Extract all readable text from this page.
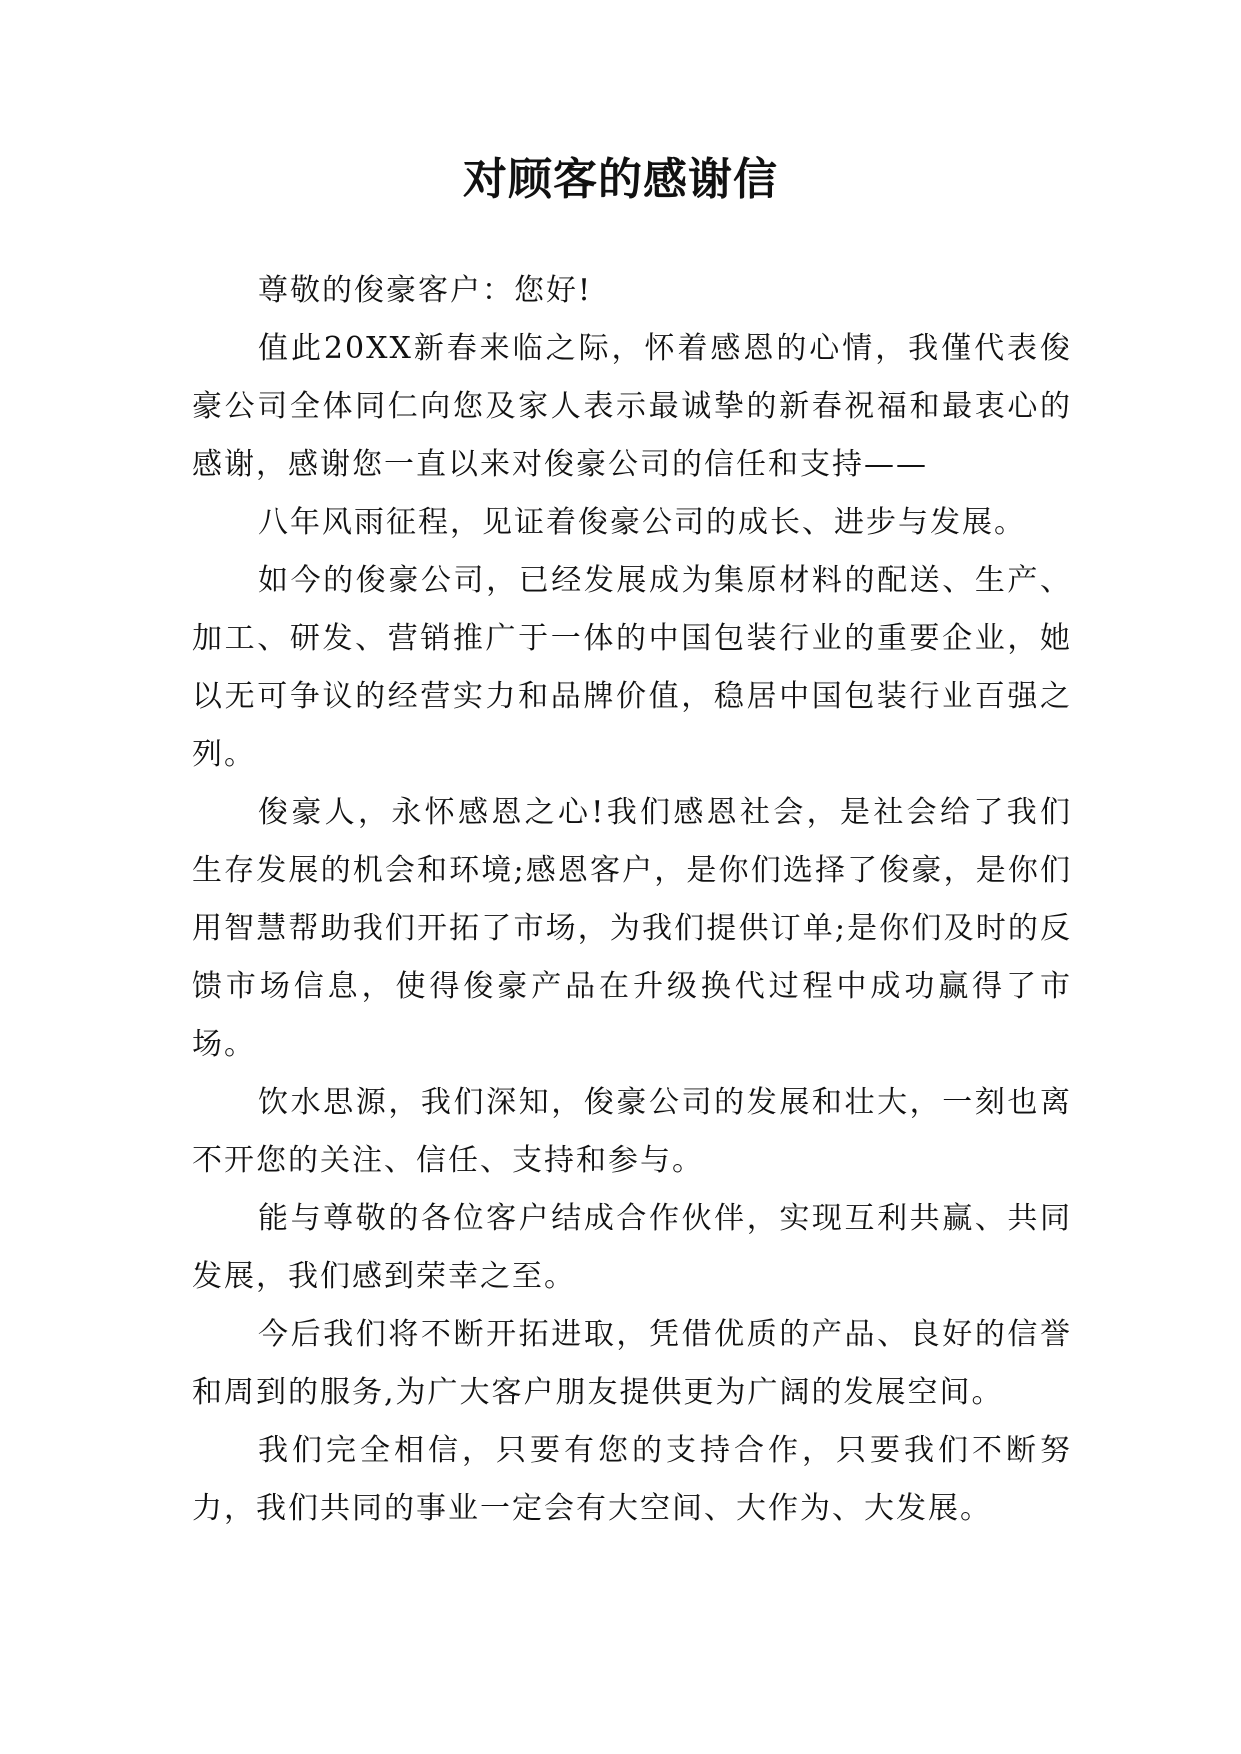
对顾客的感谢信

尊敬的俊豪客户：您好!

值此20XX新春来临之际，怀着感恩的心情，我僅代表俊豪公司全体同仁向您及家人表示最诚挚的新春祝福和最衷心的感谢，感谢您一直以来对俊豪公司的信任和支持——

八年风雨征程，见证着俊豪公司的成长、进步与发展。

如今的俊豪公司，已经发展成为集原材料的配送、生产、加工、研发、营销推广于一体的中国包装行业的重要企业，她以无可争议的经营实力和品牌价值，稳居中国包装行业百强之列。

俊豪人，永怀感恩之心!我们感恩社会，是社会给了我们生存发展的机会和环境;感恩客户，是你们选择了俊豪，是你们用智慧帮助我们开拓了市场，为我们提供订单;是你们及时的反馈市场信息，使得俊豪产品在升级换代过程中成功赢得了市场。

饮水思源，我们深知，俊豪公司的发展和壮大，一刻也离不开您的关注、信任、支持和参与。

能与尊敬的各位客户结成合作伙伴，实现互利共赢、共同发展，我们感到荣幸之至。

今后我们将不断开拓进取，凭借优质的产品、良好的信誉和周到的服务,为广大客户朋友提供更为广阔的发展空间。

我们完全相信，只要有您的支持合作，只要我们不断努力，我们共同的事业一定会有大空间、大作为、大发展。
